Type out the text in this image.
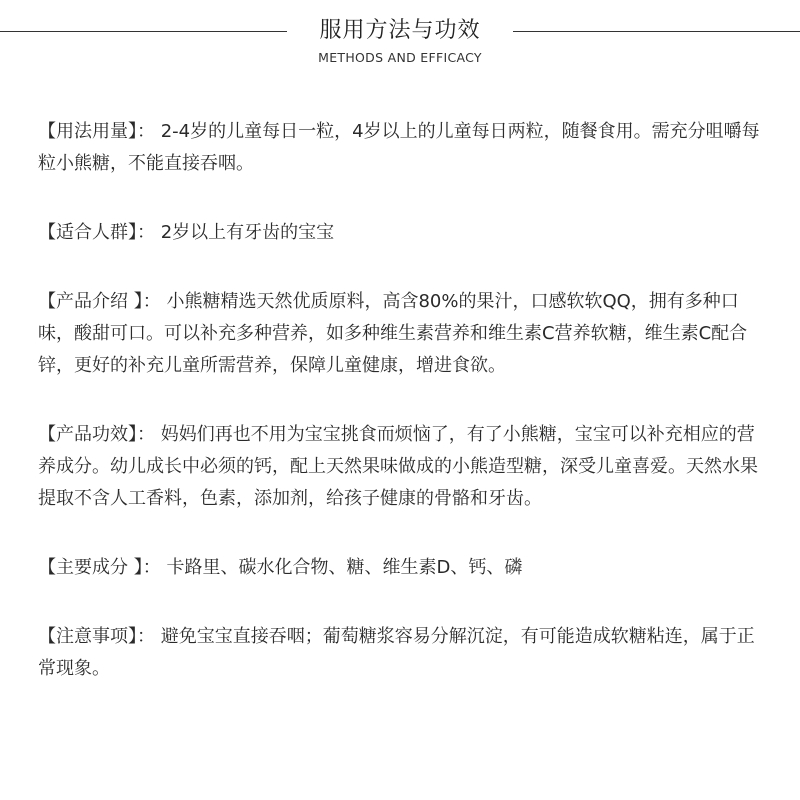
服用方法与功效
METHODS AND EFFICACY

【用法用量】： 2-4岁的儿童每日一粒，4岁以上的儿童每日两粒，随餐食用。需充分咀嚼每粒小熊糖，不能直接吞咽。

【适合人群】： 2岁以上有牙齿的宝宝

【产品介绍 】： 小熊糖精选天然优质原料，高含80%的果汁，口感软软QQ，拥有多种口味，酸甜可口。可以补充多种营养，如多种维生素营养和维生素C营养软糖，维生素C配合锌，更好的补充儿童所需营养，保障儿童健康，增进食欲。

【产品功效】： 妈妈们再也不用为宝宝挑食而烦恼了，有了小熊糖，宝宝可以补充相应的营养成分。幼儿成长中必须的钙，配上天然果味做成的小熊造型糖，深受儿童喜爱。天然水果提取不含人工香料，色素，添加剂，给孩子健康的骨骼和牙齿。

【主要成分 】： 卡路里、碳水化合物、糖、维生素D、钙、磷

【注意事项】： 避免宝宝直接吞咽；葡萄糖浆容易分解沉淀，有可能造成软糖粘连，属于正常现象。
